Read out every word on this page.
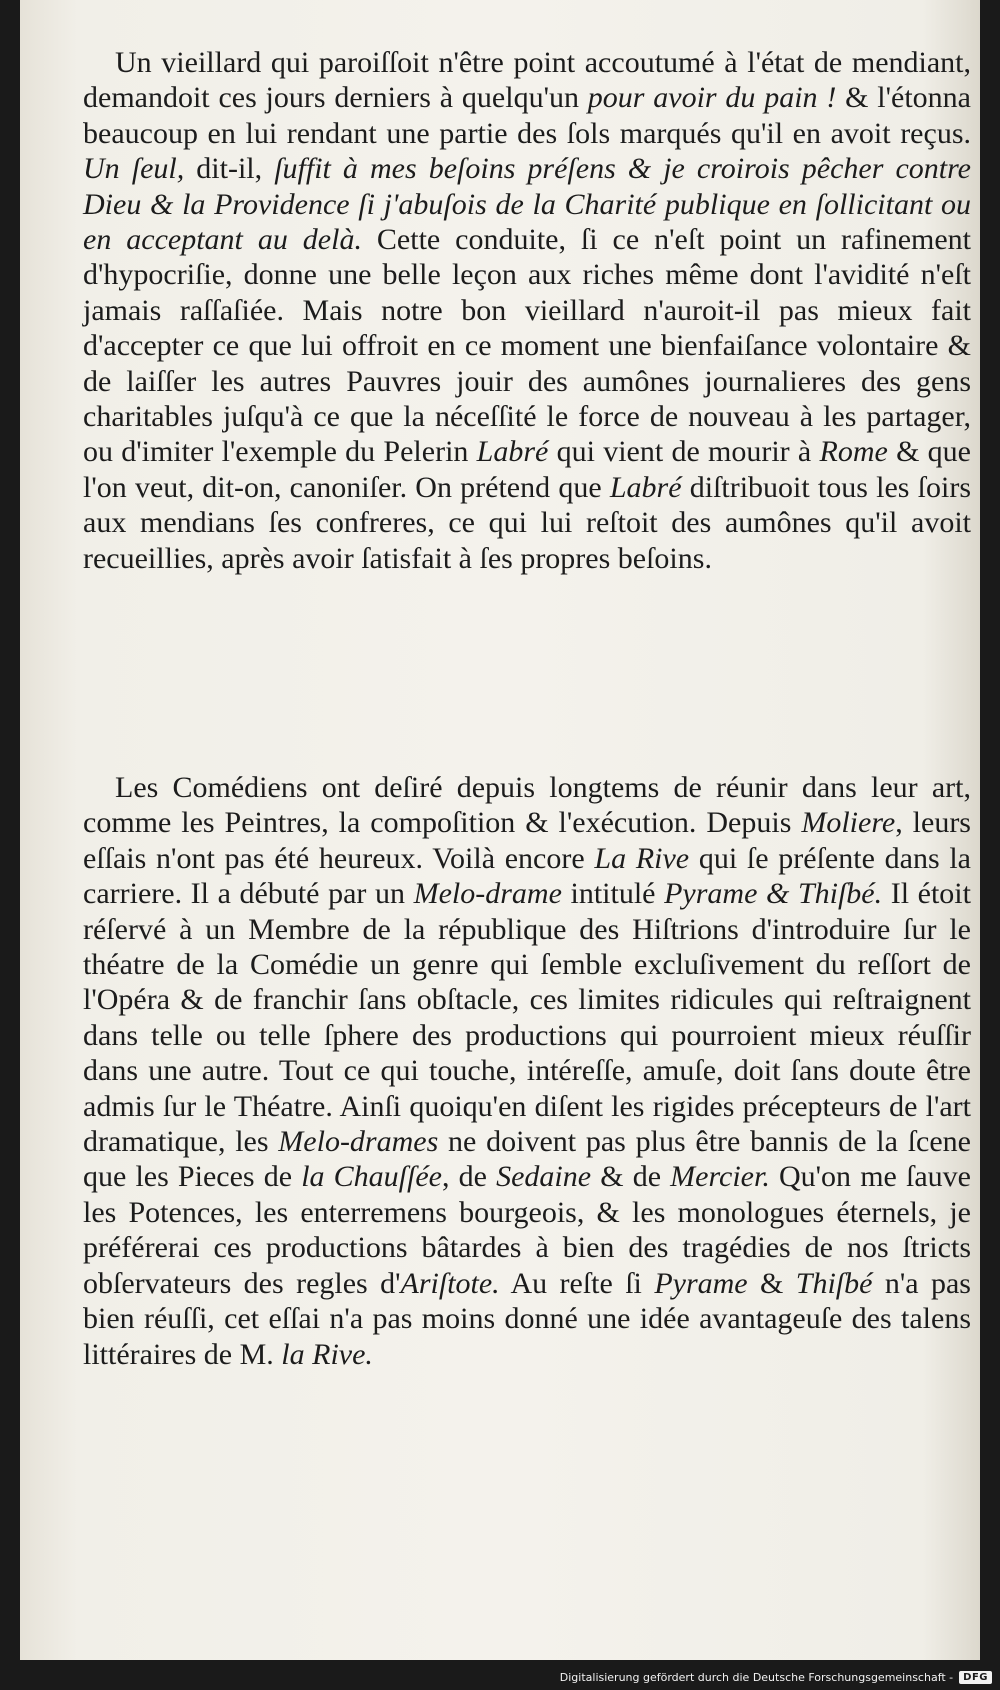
Un vieillard qui paroiſſoit n'être point accoutumé à l'état de mendiant, demandoit ces jours derniers à quelqu'un pour avoir du pain ! & l'étonna beaucoup en lui rendant une partie des ſols marqués qu'il en avoit reçus. Un ſeul, dit-il, ſuffit à mes beſoins préſens & je croirois pêcher contre Dieu & la Providence ſi j'abuſois de la Charité publique en ſollicitant ou en acceptant au delà. Cette conduite, ſi ce n'eſt point un rafinement d'hypocriſie, donne une belle leçon aux riches même dont l'avidité n'eſt jamais raſſaſiée. Mais notre bon vieillard n'auroit-il pas mieux fait d'accepter ce que lui offroit en ce moment une bienfaiſance volontaire & de laiſſer les autres Pauvres jouir des aumônes journalieres des gens charitables juſqu'à ce que la néceſſité le force de nouveau à les partager, ou d'imiter l'exemple du Pelerin Labré qui vient de mourir à Rome & que l'on veut, dit-on, canoniſer. On prétend que Labré diſtribuoit tous les ſoirs aux mendians ſes confreres, ce qui lui reſtoit des aumônes qu'il avoit recueillies, après avoir ſatisfait à ſes propres beſoins.

Les Comédiens ont deſiré depuis longtems de réunir dans leur art, comme les Peintres, la compoſition & l'exécution. Depuis Moliere, leurs eſſais n'ont pas été heureux. Voilà encore La Rive qui ſe préſente dans la carriere. Il a débuté par un Melo-drame intitulé Pyrame & Thiſbé. Il étoit réſervé à un Membre de la république des Hiſtrions d'introduire ſur le théatre de la Comédie un genre qui ſemble excluſivement du reſſort de l'Opéra & de franchir ſans obſtacle, ces limites ridicules qui reſtraignent dans telle ou telle ſphere des productions qui pourroient mieux réuſſir dans une autre. Tout ce qui touche, intéreſſe, amuſe, doit ſans doute être admis ſur le Théatre. Ainſi quoiqu'en diſent les rigides précepteurs de l'art dramatique, les Melo-drames ne doivent pas plus être bannis de la ſcene que les Pieces de la Chauſſée, de Sedaine & de Mercier. Qu'on me ſauve les Potences, les enterremens bourgeois, & les monologues éternels, je préférerai ces productions bâtardes à bien des tragédies de nos ſtricts obſervateurs des regles d'Ariſtote. Au reſte ſi Pyrame & Thiſbé n'a pas bien réuſſi, cet eſſai n'a pas moins donné une idée avantageuſe des talens littéraires de M. la Rive.

Digitalisierung gefördert durch die Deutsche Forschungsgemeinschaft -	DFG
